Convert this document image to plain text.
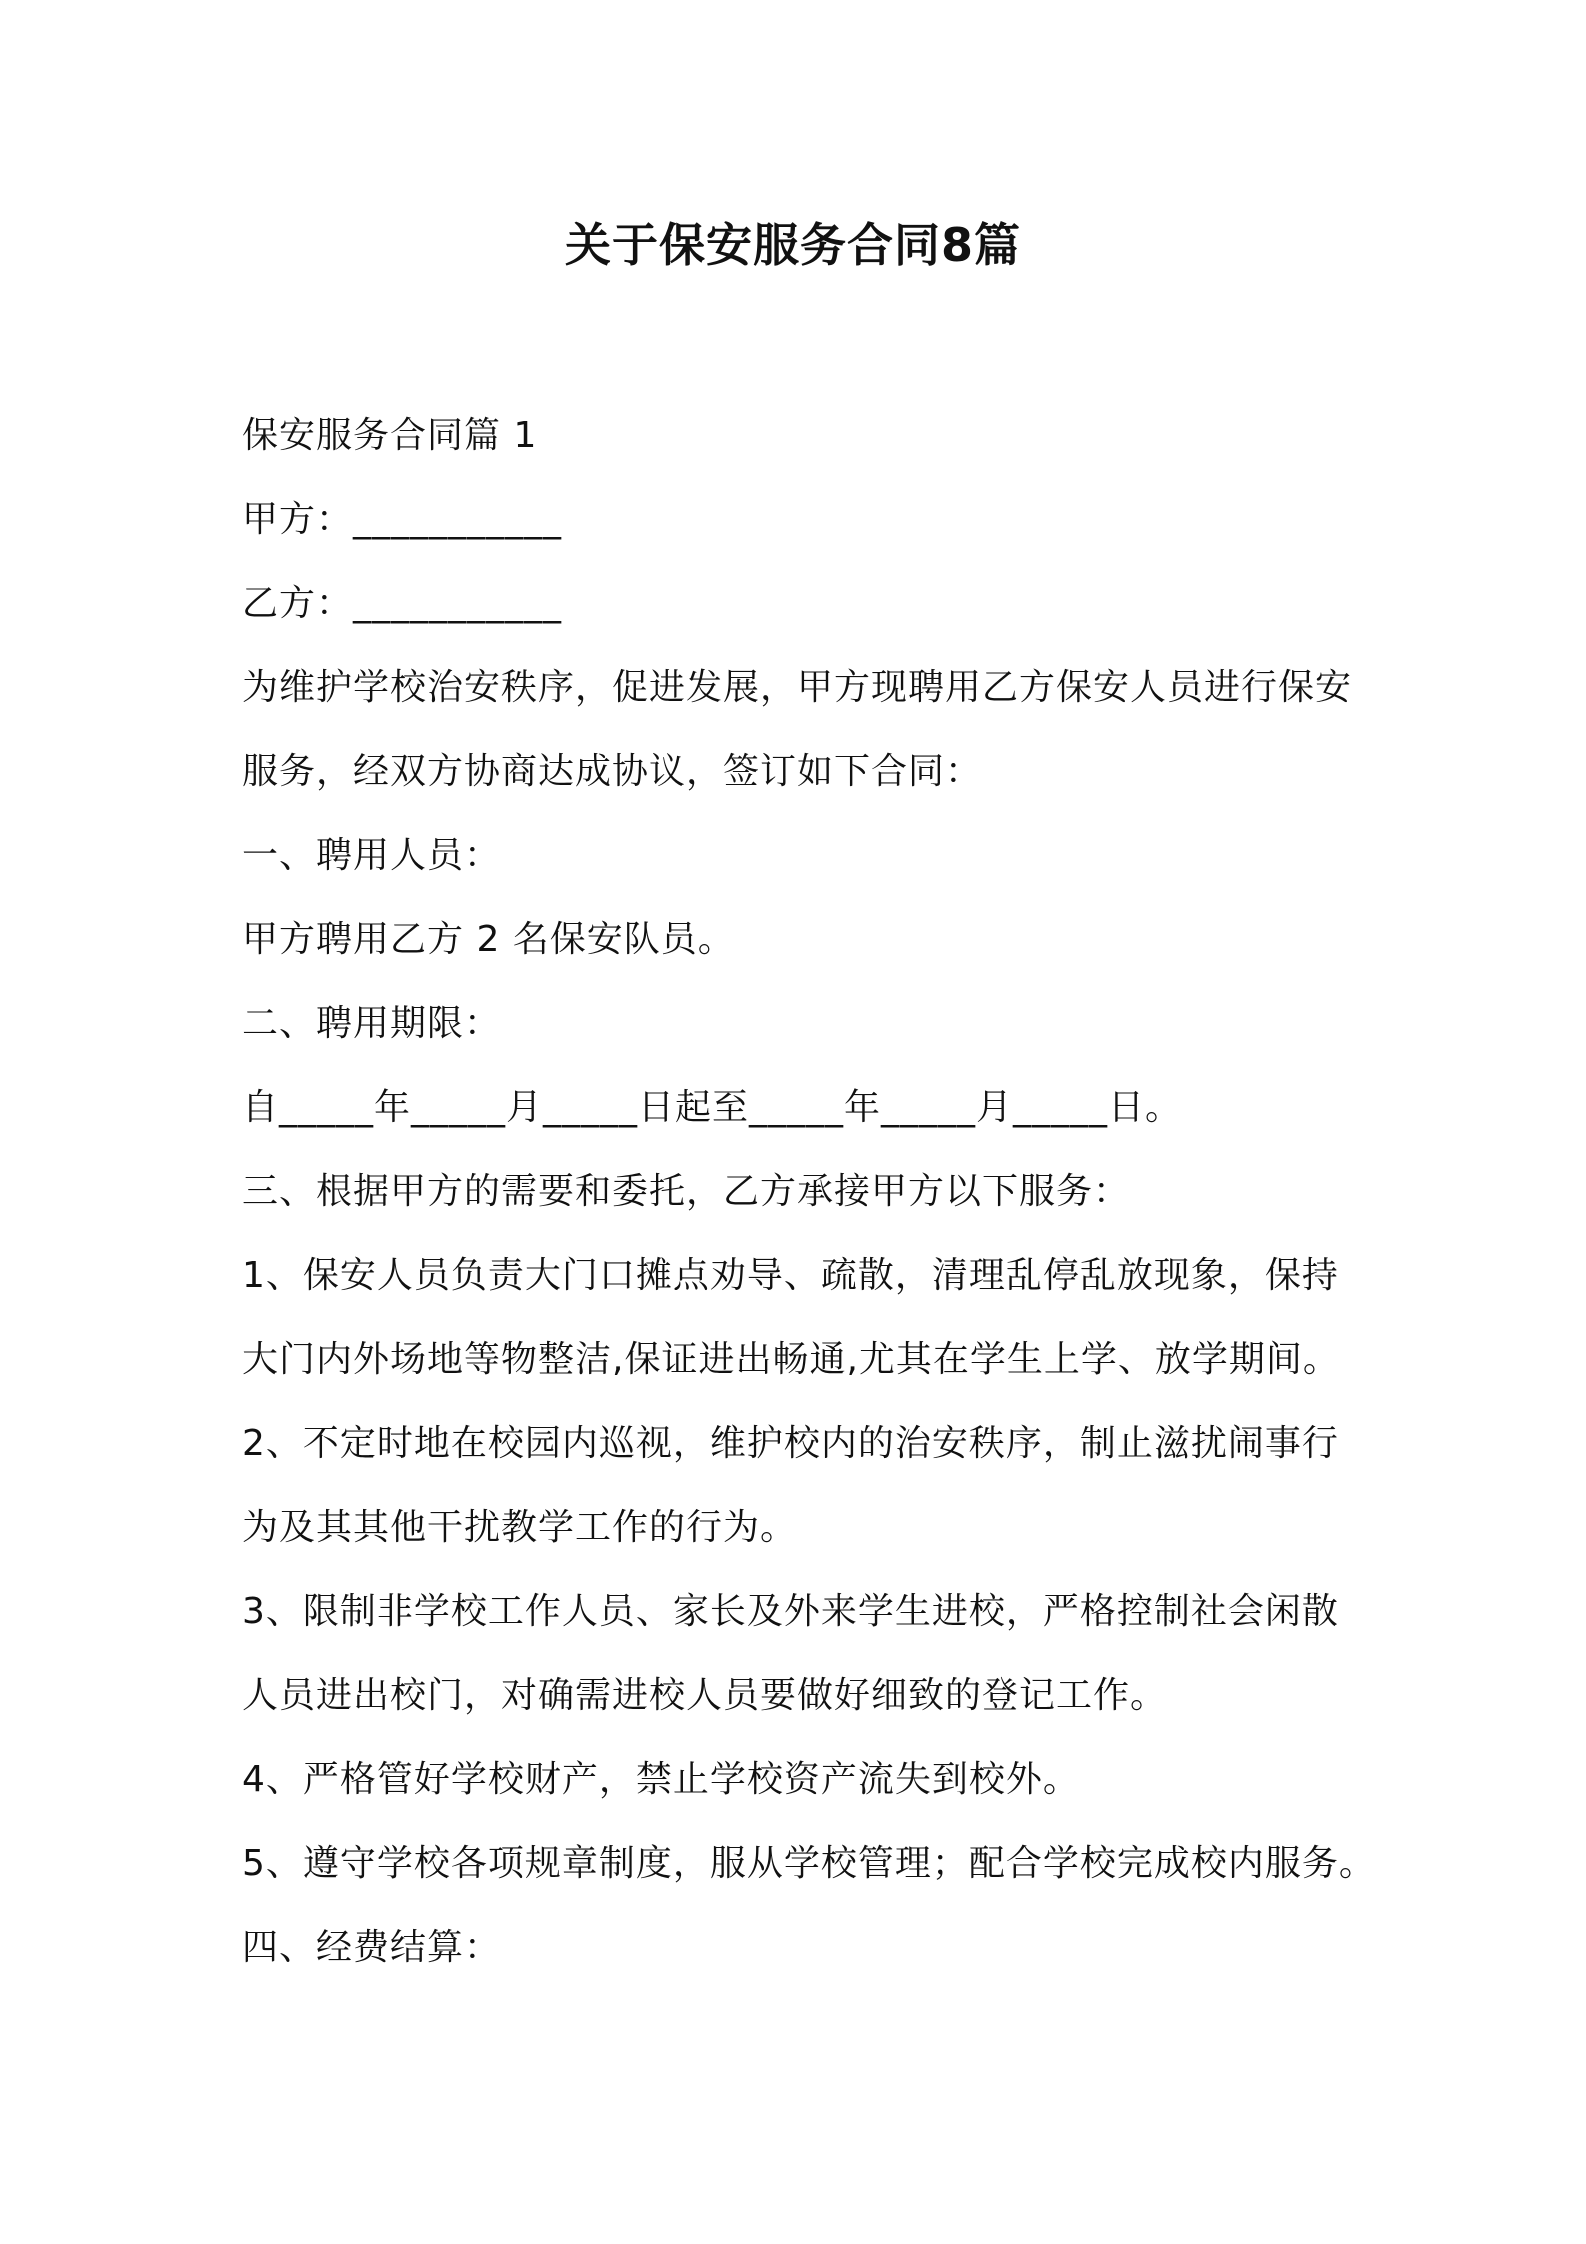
关于保安服务合同8篇
保安服务合同篇 1
甲方：___________
乙方：___________
为维护学校治安秩序，促进发展，甲方现聘用乙方保安人员进行保安
服务，经双方协商达成协议，签订如下合同：
一、聘用人员：
甲方聘用乙方 2 名保安队员。
二、聘用期限：
自_____年_____月_____日起至_____年_____月_____日。
三、根据甲方的需要和委托，乙方承接甲方以下服务：
1、保安人员负责大门口摊点劝导、疏散，清理乱停乱放现象，保持
大门内外场地等物整洁,保证进出畅通,尤其在学生上学、放学期间。
2、不定时地在校园内巡视，维护校内的治安秩序，制止滋扰闹事行
为及其其他干扰教学工作的行为。
3、限制非学校工作人员、家长及外来学生进校，严格控制社会闲散
人员进出校门，对确需进校人员要做好细致的登记工作。
4、严格管好学校财产，禁止学校资产流失到校外。
5、遵守学校各项规章制度，服从学校管理；配合学校完成校内服务。
四、经费结算：
